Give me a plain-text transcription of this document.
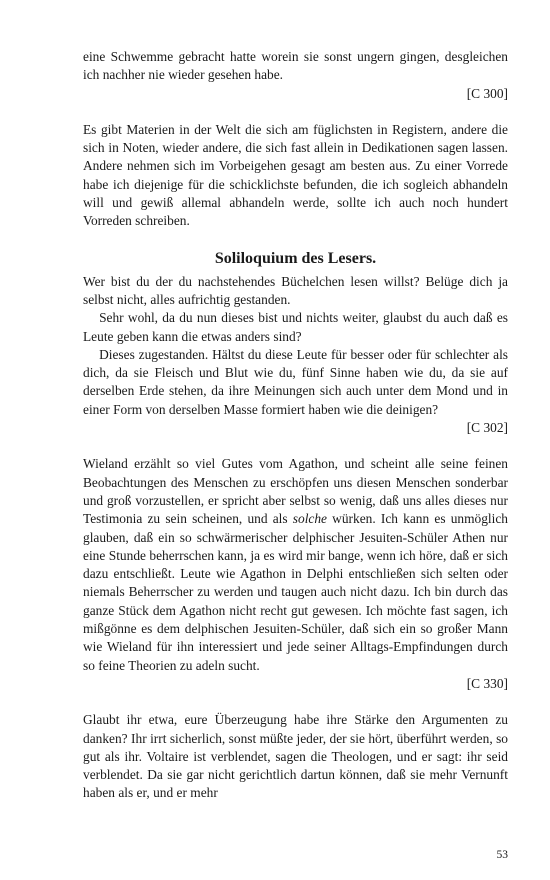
eine Schwemme gebracht hatte worein sie sonst ungern gingen, desgleichen ich nachher nie wieder gesehen habe.

[C 300]

Es gibt Materien in der Welt die sich am füglichsten in Registern, andere die sich in Noten, wieder andere, die sich fast allein in Dedikationen sagen lassen. Andere nehmen sich im Vorbeigehen gesagt am besten aus. Zu einer Vorrede habe ich diejenige für die schicklichste befunden, die ich sogleich abhandeln will und gewiß allemal abhandeln werde, sollte ich auch noch hundert Vorreden schreiben.

Soliloquium des Lesers.

Wer bist du der du nachstehendes Büchelchen lesen willst? Belüge dich ja selbst nicht, alles aufrichtig gestanden.

Sehr wohl, da du nun dieses bist und nichts weiter, glaubst du auch daß es Leute geben kann die etwas anders sind?

Dieses zugestanden. Hältst du diese Leute für besser oder für schlechter als dich, da sie Fleisch und Blut wie du, fünf Sinne haben wie du, da sie auf derselben Erde stehen, da ihre Meinungen sich auch unter dem Mond und in einer Form von derselben Masse formiert haben wie die deinigen?

[C 302]

Wieland erzählt so viel Gutes vom Agathon, und scheint alle seine feinen Beobachtungen des Menschen zu erschöpfen uns diesen Menschen sonderbar und groß vorzustellen, er spricht aber selbst so wenig, daß uns alles dieses nur Testimonia zu sein scheinen, und als solche würken. Ich kann es unmöglich glauben, daß ein so schwärmerischer delphischer Jesuiten-Schüler Athen nur eine Stunde beherrschen kann, ja es wird mir bange, wenn ich höre, daß er sich dazu entschließt. Leute wie Agathon in Delphi entschließen sich selten oder niemals Beherrscher zu werden und taugen auch nicht dazu. Ich bin durch das ganze Stück dem Agathon nicht recht gut gewesen. Ich möchte fast sagen, ich mißgönne es dem delphischen Jesuiten-Schüler, daß sich ein so großer Mann wie Wieland für ihn interessiert und jede seiner Alltags-Empfindungen durch so feine Theorien zu adeln sucht.

[C 330]

Glaubt ihr etwa, eure Überzeugung habe ihre Stärke den Argumenten zu danken? Ihr irrt sicherlich, sonst müßte jeder, der sie hört, überführt werden, so gut als ihr. Voltaire ist verblendet, sagen die Theologen, und er sagt: ihr seid verblendet. Da sie gar nicht gerichtlich dartun können, daß sie mehr Vernunft haben als er, und er mehr

53
